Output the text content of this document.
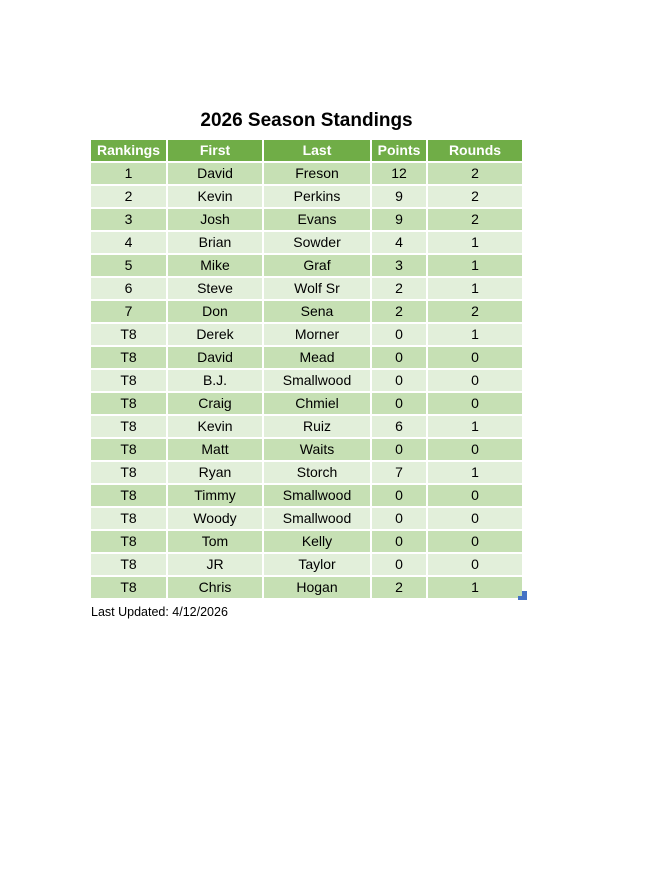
2026 Season Standings
Rankings	First	Last	Points	Rounds
1	David	Freson	12	2
2	Kevin	Perkins	9	2
3	Josh	Evans	9	2
4	Brian	Sowder	4	1
5	Mike	Graf	3	1
6	Steve	Wolf Sr	2	1
7	Don	Sena	2	2
T8	Derek	Morner	0	1
T8	David	Mead	0	0
T8	B.J.	Smallwood	0	0
T8	Craig	Chmiel	0	0
T8	Kevin	Ruiz	6	1
T8	Matt	Waits	0	0
T8	Ryan	Storch	7	1
T8	Timmy	Smallwood	0	0
T8	Woody	Smallwood	0	0
T8	Tom	Kelly	0	0
T8	JR	Taylor	0	0
T8	Chris	Hogan	2	1
Last Updated: 4/12/2026
